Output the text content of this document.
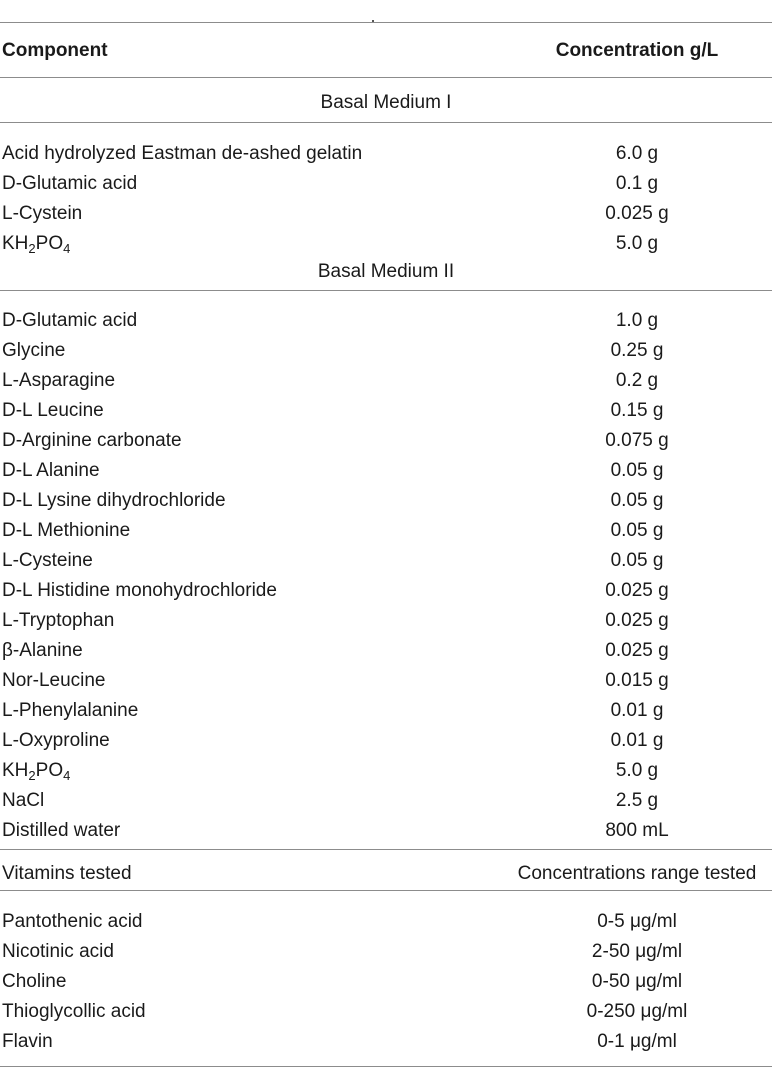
Component	Concentration g/L
Basal Medium I
Acid hydrolyzed Eastman de-ashed gelatin	6.0 g
D-Glutamic acid	0.1 g
L-Cystein	0.025 g
$KH_2PO_4$	5.0 g
Basal Medium II
D-Glutamic acid	1.0 g
Glycine	0.25 g
L-Asparagine	0.2 g
D-L Leucine	0.15 g
D-Arginine carbonate	0.075 g
D-L Alanine	0.05 g
D-L Lysine dihydrochloride	0.05 g
D-L Methionine	0.05 g
L-Cysteine	0.05 g
D-L Histidine monohydrochloride	0.025 g
L-Tryptophan	0.025 g
β-Alanine	0.025 g
Nor-Leucine	0.015 g
L-Phenylalanine	0.01 g
L-Oxyproline	0.01 g
$KH_2PO_4$	5.0 g
NaCl	2.5 g
Distilled water	800 mL
Vitamins tested	Concentrations range tested
Pantothenic acid	0-5 μg/ml
Nicotinic acid	2-50 μg/ml
Choline	0-50 μg/ml
Thioglycollic acid	0-250 μg/ml
Flavin	0-1 μg/ml
